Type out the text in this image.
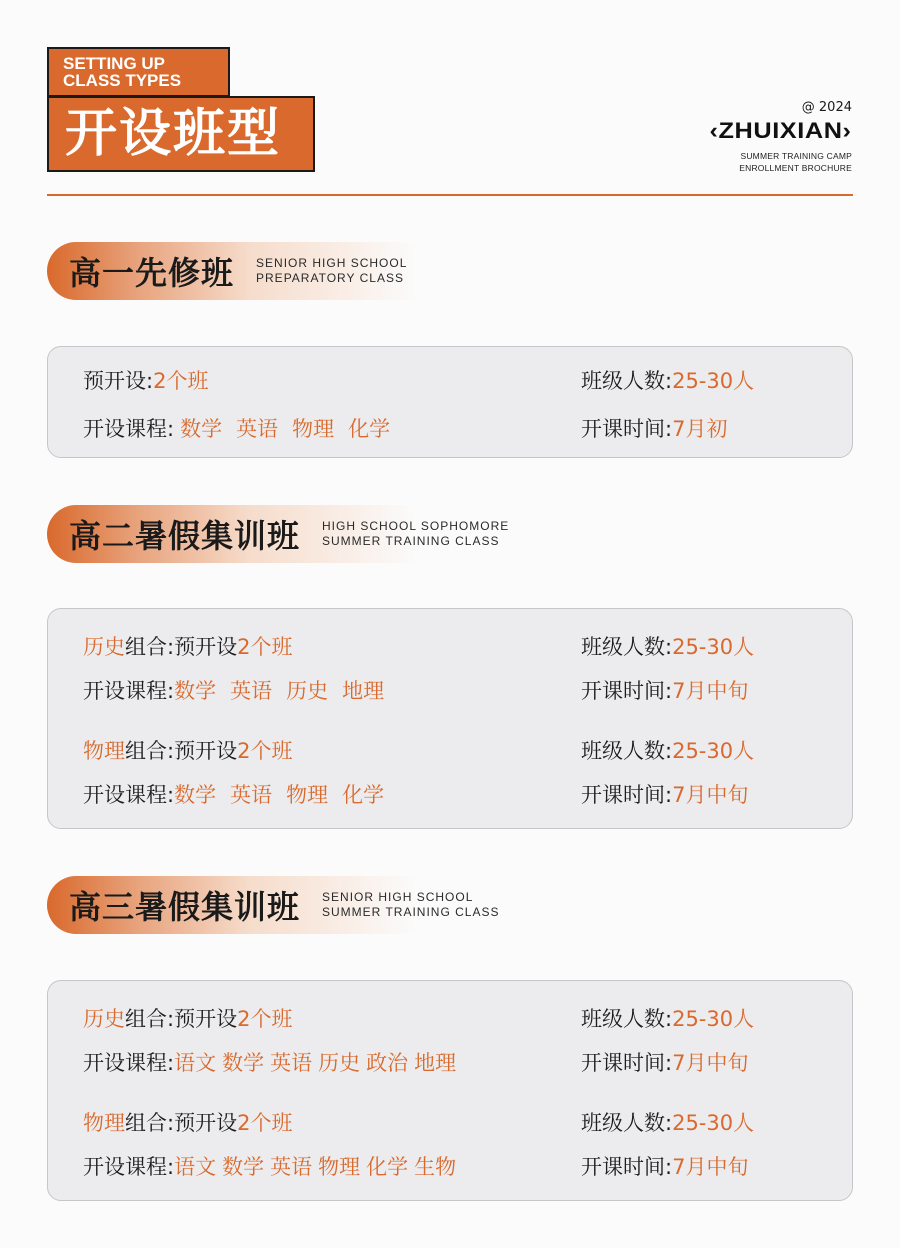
SETTING UP
CLASS TYPES
开设班型	@ 2024
‹ZHUIXIAN›
SUMMER TRAINING CAMP
ENROLLMENT BROCHURE
高一先修班 SENIOR HIGH SCHOOL
PREPARATORY CLASS
预开设:2个班	班级人数:25-30人
开设课程: 数学 英语 物理 化学	开课时间:7月初
高二暑假集训班 HIGH SCHOOL SOPHOMORE
SUMMER TRAINING CLASS
历史组合:预开设2个班	班级人数:25-30人
开设课程:数学 英语 历史 地理	开课时间:7月中旬
物理组合:预开设2个班	班级人数:25-30人
开设课程:数学 英语 物理 化学	开课时间:7月中旬
高三暑假集训班 SENIOR HIGH SCHOOL
SUMMER TRAINING CLASS
历史组合:预开设2个班	班级人数:25-30人
开设课程:语文 数学 英语 历史 政治 地理	开课时间:7月中旬
物理组合:预开设2个班	班级人数:25-30人
开设课程:语文 数学 英语 物理 化学 生物	开课时间:7月中旬
